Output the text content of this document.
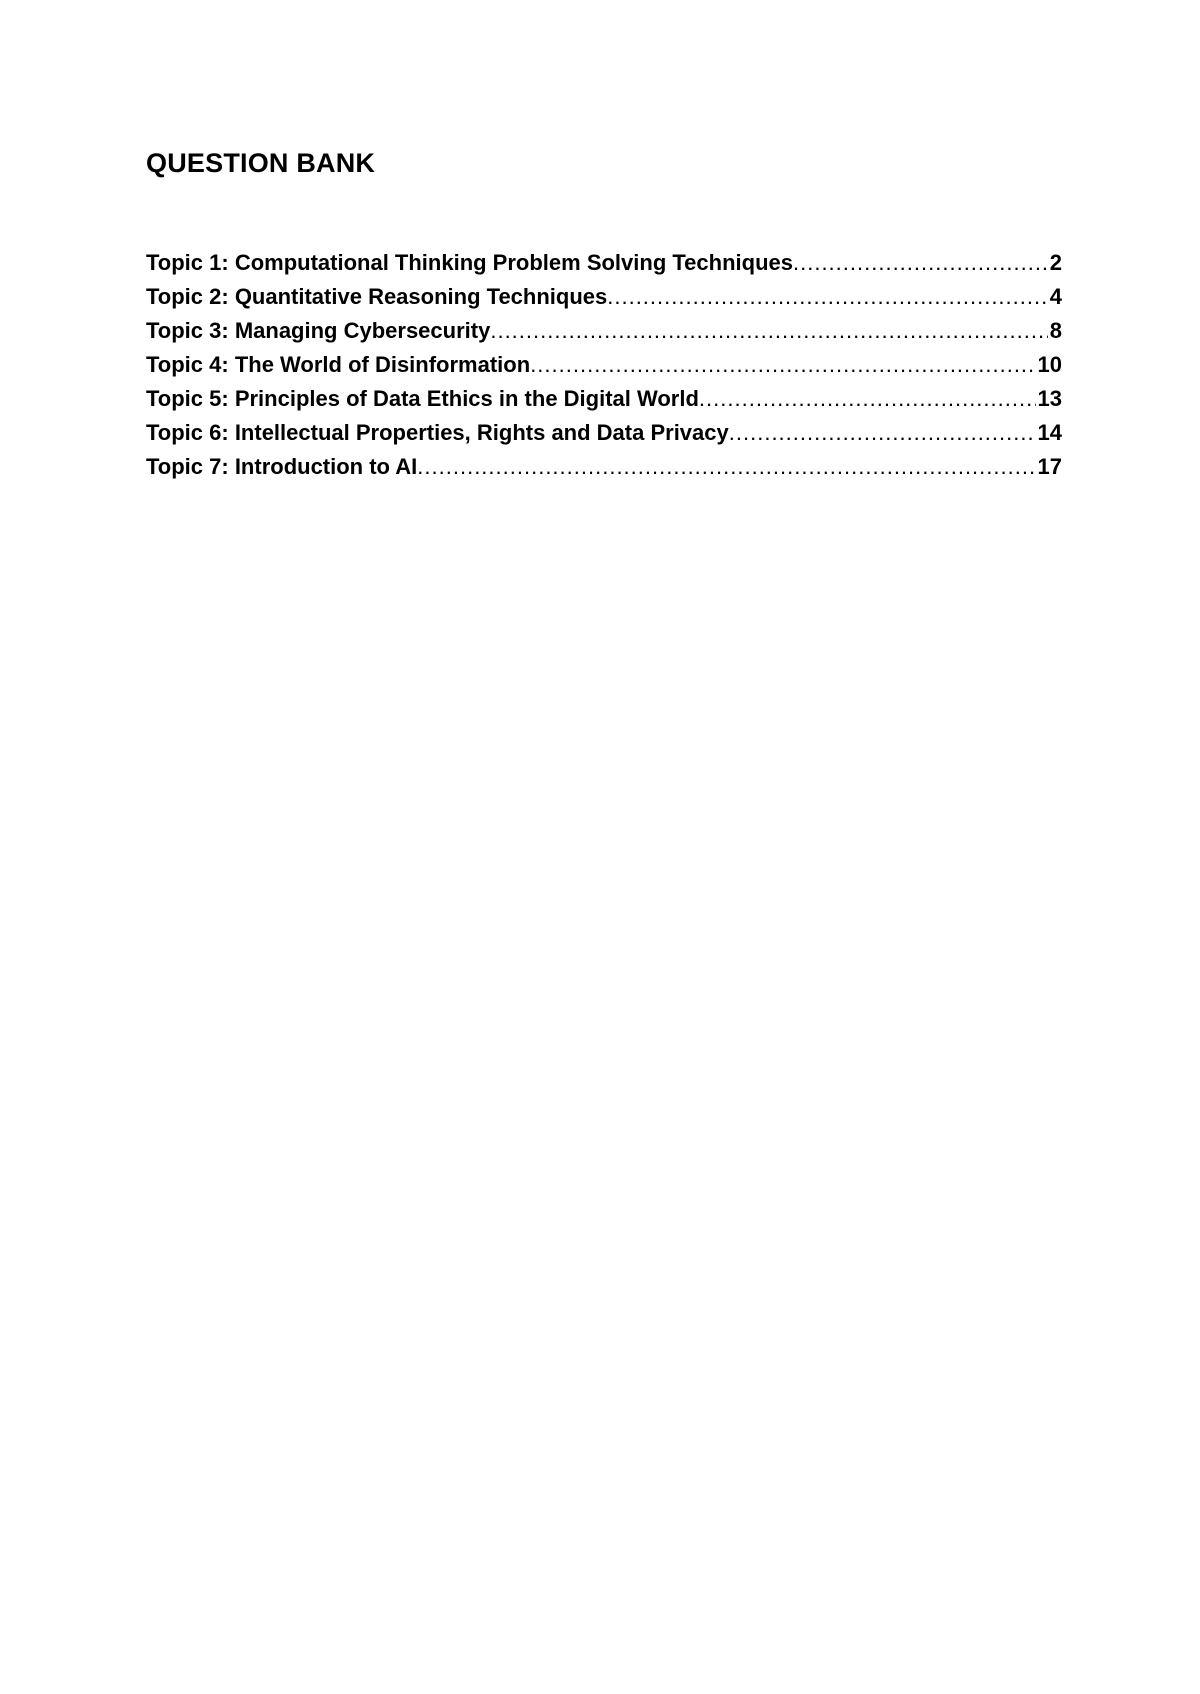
QUESTION BANK
Topic 1: Computational Thinking Problem Solving Techniques .....	2
Topic 2: Quantitative Reasoning Techniques .....	4
Topic 3: Managing Cybersecurity .....	8
Topic 4: The World of Disinformation .....	10
Topic 5: Principles of Data Ethics in the Digital World .....	13
Topic 6: Intellectual Properties, Rights and Data Privacy .....	14
Topic 7: Introduction to AI .....	17
